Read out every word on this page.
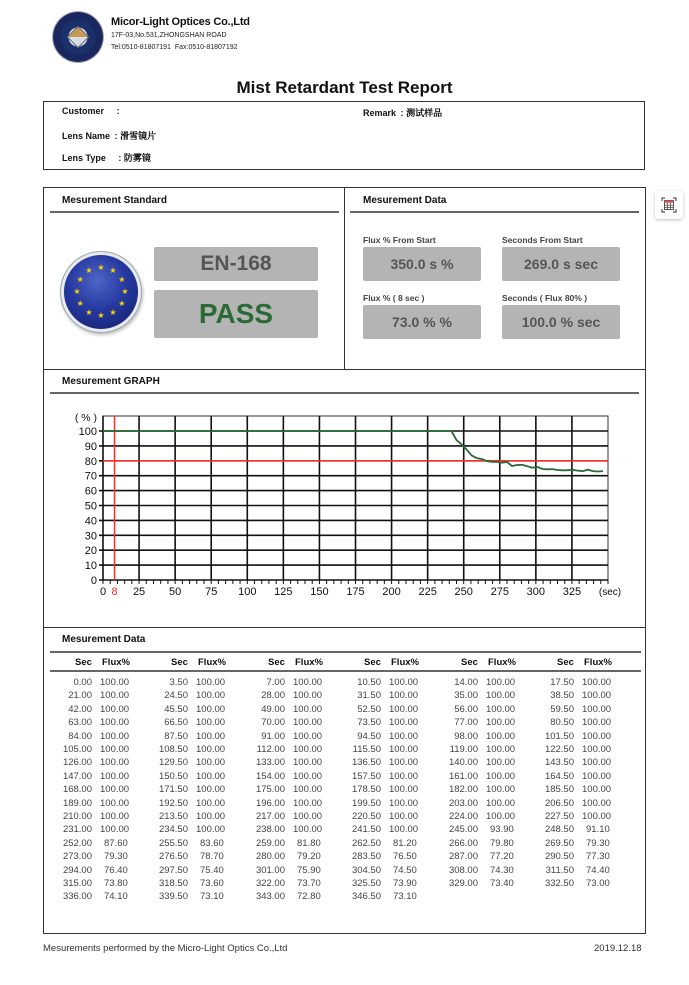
Micor-Light Optices Co.,Ltd
17F-03,No.531,ZHONGSHAN ROAD
Tel:0510-81807191 Fax:0510-81807192
Mist Retardant Test Report
Customer :	Remark : 测试样品
Lens Name : 滑雪镜片
Lens Type : 防雾镜
Mesurement Standard
★ ★
★
★
★
★
★
★
★
★
★
★	EN-168
PASS
Mesurement Data
Flux % From Start
350.0 s %
Seconds From Start
269.0 s sec
Flux % ( 8 sec )
73.0 % %
Seconds ( Flux 80% )
100.0 % sec
Mesurement GRAPH
0
10
20
30
40
50
60
70
80
90
100
0 25 50 75 100 125 150 175 200 225 250 275 300 325
( % )
(sec)
8
Mesurement Data
Sec Flux%
0.00 100.00
21.00 100.00
42.00 100.00
63.00 100.00
84.00 100.00
105.00 100.00
126.00 100.00
147.00 100.00
168.00 100.00
189.00 100.00
210.00 100.00
231.00 100.00
252.00	87.60
273.00	79.30
294.00	76.40
315.00	73.80
336.00	74.10
Sec Flux%
3.50 100.00
24.50 100.00
45.50 100.00
66.50 100.00
87.50 100.00
108.50 100.00
129.50 100.00
150.50 100.00
171.50 100.00
192.50 100.00
213.50 100.00
234.50 100.00
255.50	83.60
276.50	78.70
297.50	75.40
318.50	73.60
339.50	73.10
Sec Flux%
7.00 100.00
28.00 100.00
49.00 100.00
70.00 100.00
91.00 100.00
112.00 100.00
133.00 100.00
154.00 100.00
175.00 100.00
196.00 100.00
217.00 100.00
238.00 100.00
259.00	81.80
280.00	79.20
301.00	75.90
322.00	73.70
343.00	72.80
Sec Flux%
10.50 100.00
31.50 100.00
52.50 100.00
73.50 100.00
94.50 100.00
115.50 100.00
136.50 100.00
157.50 100.00
178.50 100.00
199.50 100.00
220.50 100.00
241.50 100.00
262.50	81.20
283.50	76.50
304.50	74.50
325.50	73.90
346.50	73.10
Sec Flux%
14.00 100.00
35.00 100.00
56.00 100.00
77.00 100.00
98.00 100.00
119.00 100.00
140.00 100.00
161.00 100.00
182.00 100.00
203.00 100.00
224.00 100.00
245.00	93.90
266.00	79.80
287.00	77.20
308.00	74.30
329.00	73.40
Sec Flux%
17.50 100.00
38.50 100.00
59.50 100.00
80.50 100.00
101.50 100.00
122.50 100.00
143.50 100.00
164.50 100.00
185.50 100.00
206.50 100.00
227.50 100.00
248.50	91.10
269.50	79.30
290.50	77.30
311.50	74.40
332.50	73.00
Mesurements performed by the Micro-Light Optics Co.,Ltd	2019.12.18
